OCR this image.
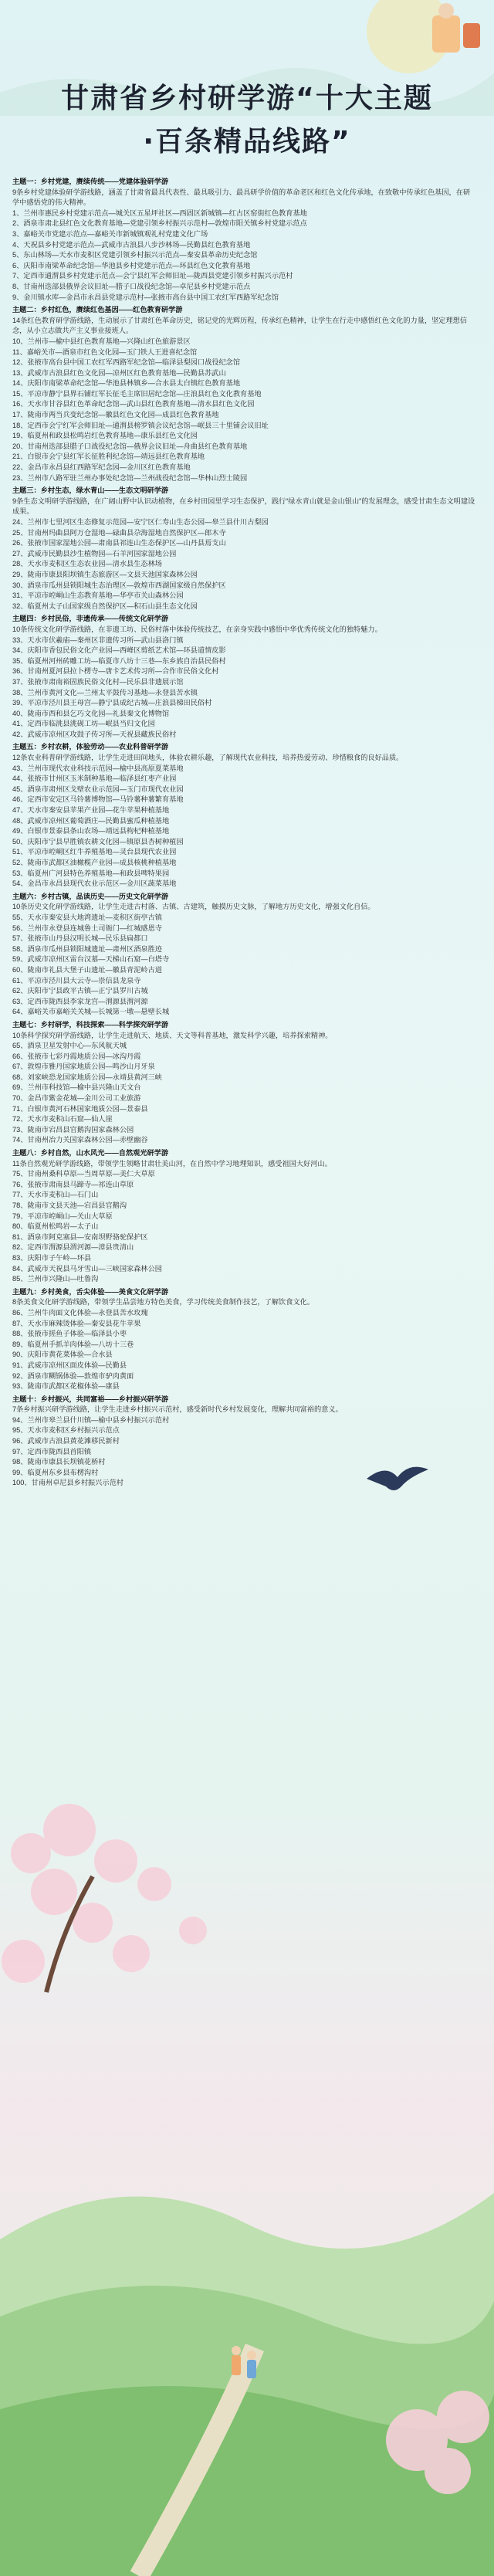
甘肃省乡村研学游“十大主题
·百条精品线路”
主题一：乡村党建，赓续传统——党建体验研学游
9条乡村党建体验研学游线路，涵盖了甘肃省最具代表性、最具吸引力、最具研学价值的革命老区和红色文化传承地，在致敬中传承红色基因，在研学中感悟党的伟大精神。
1、兰州市惠民乡村党建示范点—城关区五星坪社区—西固区新城镇—红古区窑街红色教育基地
2、酒泉市肃北县红色文化教育基地—党建引领乡村振兴示范村—敦煌市阳关镇乡村党建示范点
3、嘉峪关市党建示范点—嘉峪关市新城镇观礼村党建文化广场
4、天祝县乡村党建示范点—武威市古浪县八步沙林场—民勤县红色教育基地
5、东山林场—天水市麦积区党建引领乡村振兴示范点—秦安县革命历史纪念馆
6、庆阳市南梁革命纪念馆—华池县乡村党建示范点—环县红色文化教育基地
7、定西市通渭县乡村党建示范点—会宁县红军会师旧址—陇西县党建引领乡村振兴示范村
8、甘南州迭部县俄界会议旧址—腊子口战役纪念馆—卓尼县乡村党建示范点
9、金川镇水库—金昌市永昌县党建示范村—张掖市高台县中国工农红军西路军纪念馆
主题二：乡村红色，赓续红色基因——红色教育研学游
14条红色教育研学游线路，生动展示了甘肃红色革命历史，铭记党的光辉历程，传承红色精神，让学生在行走中感悟红色文化的力量，坚定理想信念，从小立志做共产主义事业接班人。
10、兰州市—榆中县红色教育基地—兴隆山红色旅游景区
11、嘉峪关市—酒泉市红色文化园—玉门铁人王进喜纪念馆
12、张掖市高台县中国工农红军西路军纪念馆—临泽县梨园口战役纪念馆
13、武威市古浪县红色文化园—凉州区红色教育基地—民勤县苏武山
14、庆阳市南梁革命纪念馆—华池县林镇乡—合水县太白镇红色教育基地
15、平凉市静宁县界石铺红军长征毛主席旧居纪念馆—庄浪县红色文化教育基地
16、天水市甘谷县红色革命纪念馆—武山县红色教育基地—清水县红色文化园
17、陇南市两当兵变纪念馆—徽县红色文化园—成县红色教育基地
18、定西市会宁红军会师旧址—通渭县榜罗镇会议纪念馆—岷县三十里铺会议旧址
19、临夏州和政县松鸣岩红色教育基地—康乐县红色文化园
20、甘南州迭部县腊子口战役纪念馆—俄界会议旧址—舟曲县红色教育基地
21、白银市会宁县红军长征胜利纪念馆—靖远县红色教育基地
22、金昌市永昌县红西路军纪念园—金川区红色教育基地
23、兰州市八路军驻兰州办事处纪念馆—兰州战役纪念馆—华林山烈士陵园
主题三：乡村生态，绿水青山——生态文明研学游
9条生态文明研学游线路，在广阔山野中认识动植物，在乡村田园里学习生态保护，践行“绿水青山就是金山银山”的发展理念，感受甘肃生态文明建设成果。
24、兰州市七里河区生态修复示范园—安宁区仁寿山生态公园—皋兰县什川古梨园
25、甘南州玛曲县阿万仓湿地—碌曲县尕海湿地自然保护区—郎木寺
26、张掖市国家湿地公园—肃南县祁连山生态保护区—山丹县焉支山
27、武威市民勤县沙生植物园—石羊河国家湿地公园
28、天水市麦积区生态农业园—清水县生态林场
29、陇南市康县阳坝镇生态旅游区—文县天池国家森林公园
30、酒泉市瓜州县锁阳城生态治理区—敦煌市西湖国家级自然保护区
31、平凉市崆峒山生态教育基地—华亭市关山森林公园
32、临夏州太子山国家级自然保护区—积石山县生态文化园
主题四：乡村民俗，非遗传承——传统文化研学游
10条传统文化研学游线路，在非遗工坊、民俗村落中体验传统技艺，在亲身实践中感悟中华优秀传统文化的独特魅力。
33、天水市伏羲庙—秦州区非遗传习所—武山县洛门镇
34、庆阳市香包民俗文化产业园—西峰区剪纸艺术馆—环县道情皮影
35、临夏州河州砖雕工坊—临夏市八坊十三巷—东乡族自治县民俗村
36、甘南州夏河县拉卜楞寺—唐卡艺术传习所—合作市民俗文化村
37、张掖市肃南裕固族民俗文化村—民乐县非遗展示馆
38、兰州市黄河文化—兰州太平鼓传习基地—永登县苦水镇
39、平凉市泾川县王母宫—静宁县成纪古城—庄浪县梯田民俗村
40、陇南市西和县乞巧文化园—礼县秦文化博物馆
41、定西市临洮县洮砚工坊—岷县当归文化园
42、武威市凉州区攻鼓子传习所—天祝县藏族民俗村
主题五：乡村农耕，体验劳动——农业科普研学游
12条农业科普研学游线路，让学生走进田间地头，体验农耕乐趣，了解现代农业科技，培养热爱劳动、珍惜粮食的良好品质。
43、兰州市现代农业科技示范园—榆中县高原夏菜基地
44、张掖市甘州区玉米制种基地—临泽县红枣产业园
45、酒泉市肃州区戈壁农业示范园—玉门市现代农业园
46、定西市安定区马铃薯博物馆—马铃薯种薯繁育基地
47、天水市秦安县苹果产业园—花牛苹果种植基地
48、武威市凉州区葡萄酒庄—民勤县蜜瓜种植基地
49、白银市景泰县条山农场—靖远县枸杞种植基地
50、庆阳市宁县早胜镇农耕文化园—镇原县杏树种植园
51、平凉市崆峒区红牛养殖基地—灵台县现代农业园
52、陇南市武都区油橄榄产业园—成县核桃种植基地
53、临夏州广河县特色养殖基地—和政县啤特果园
54、金昌市永昌县现代农业示范区—金川区蔬菜基地
主题六：乡村古镇，品读历史——历史文化研学游
10条历史文化研学游线路，让学生走进古村落、古镇、古建筑，触摸历史文脉，了解地方历史文化，增强文化自信。
55、天水市秦安县大地湾遗址—麦积区街亭古镇
56、兰州市永登县连城鲁土司衙门—红城感恩寺
57、张掖市山丹县汉明长城—民乐县扁都口
58、酒泉市瓜州县锁阳城遗址—肃州区酒泉胜迹
59、武威市凉州区雷台汉墓—天梯山石窟—白塔寺
60、陇南市礼县大堡子山遗址—徽县青泥岭古道
61、平凉市泾川县大云寺—崇信县龙泉寺
62、庆阳市宁县政平古镇—正宁县罗川古城
63、定西市陇西县李家龙宫—渭源县渭河源
64、嘉峪关市嘉峪关关城—长城第一墩—悬壁长城
主题七：乡村研学，科技探索——科学探究研学游
10条科学探究研学游线路，让学生走进航天、地质、天文等科普基地，激发科学兴趣，培养探索精神。
65、酒泉卫星发射中心—东风航天城
66、张掖市七彩丹霞地质公园—冰沟丹霞
67、敦煌市雅丹国家地质公园—鸣沙山月牙泉
68、刘家峡恐龙国家地质公园—永靖县黄河三峡
69、兰州市科技馆—榆中县兴隆山天文台
70、金昌市紫金花城—金川公司工业旅游
71、白银市黄河石林国家地质公园—景泰县
72、天水市麦积山石窟—仙人崖
73、陇南市宕昌县官鹅沟国家森林公园
74、甘南州冶力关国家森林公园—赤壁幽谷
主题八：乡村自然，山水风光——自然观光研学游
11条自然观光研学游线路，带领学生领略甘肃壮美山河，在自然中学习地理知识，感受祖国大好河山。
75、甘南州桑科草原—当周草原—美仁大草原
76、张掖市肃南县马蹄寺—祁连山草原
77、天水市麦积山—石门山
78、陇南市文县天池—宕昌县官鹅沟
79、平凉市崆峒山—关山大草原
80、临夏州松鸣岩—太子山
81、酒泉市阿克塞县—安南坝野骆驼保护区
82、定西市渭源县渭河源—漳县贵清山
83、庆阳市子午岭—环县
84、武威市天祝县马牙雪山—三峡国家森林公园
85、兰州市兴隆山—吐鲁沟
主题九：乡村美食，舌尖体验——美食文化研学游
8条美食文化研学游线路，带领学生品尝地方特色美食，学习传统美食制作技艺，了解饮食文化。
86、兰州牛肉面文化体验—永登县苦水玫瑰
87、天水市麻辣烫体验—秦安县花牛苹果
88、张掖市搓鱼子体验—临泽县小枣
89、临夏州手抓羊肉体验—八坊十三巷
90、庆阳市黄花菜体验—合水县
91、武威市凉州区面皮体验—民勤县
92、酒泉市糊锅体验—敦煌市驴肉黄面
93、陇南市武都区花椒体验—康县
主题十：乡村振兴，共同富裕——乡村振兴研学游
7条乡村振兴研学游线路，让学生走进乡村振兴示范村，感受新时代乡村发展变化，理解共同富裕的意义。
94、兰州市皋兰县什川镇—榆中县乡村振兴示范村
95、天水市麦积区乡村振兴示范点
96、武威市古浪县黄花滩移民新村
97、定西市陇西县首阳镇
98、陇南市康县长坝镇花桥村
99、临夏州东乡县布楞沟村
100、甘南州卓尼县乡村振兴示范村
